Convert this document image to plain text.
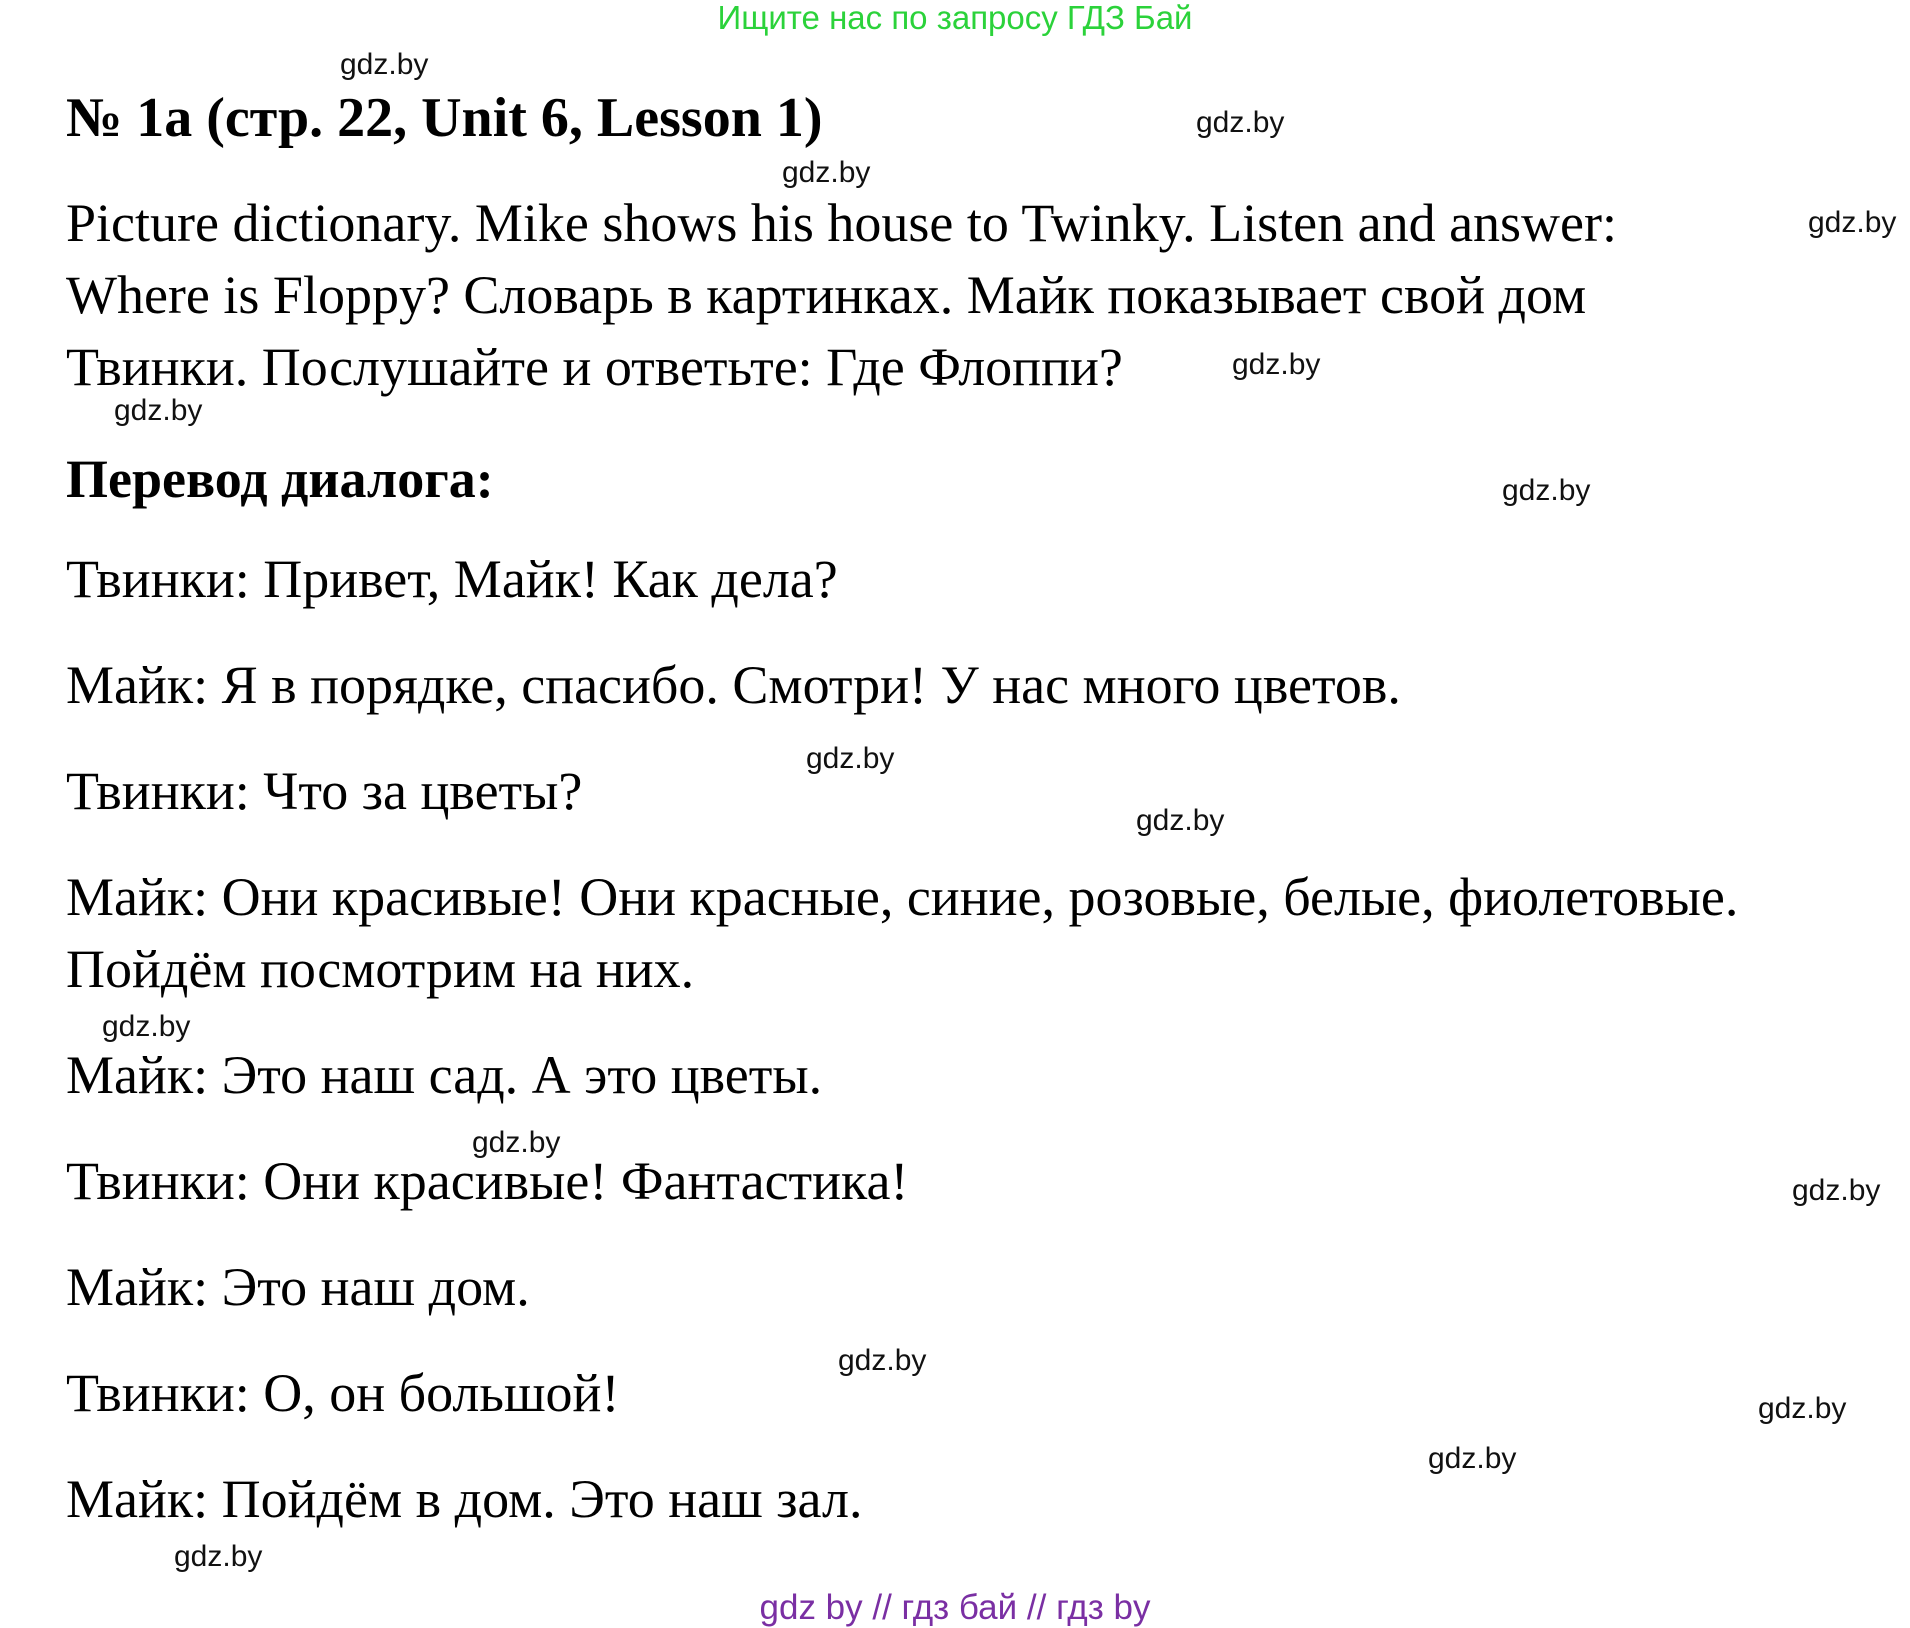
Ищите нас по запросу ГДЗ Бай
№ 1a (стр. 22, Unit 6, Lesson 1)
Picture dictionary. Mike shows his house to Twinky. Listen and answer:
Where is Floppy? Словарь в картинках. Майк показывает свой дом
Твинки. Послушайте и ответьте: Где Флоппи?
Перевод диалога:
Твинки: Привет, Майк! Как дела?
Майк: Я в порядке, спасибо. Смотри! У нас много цветов.
Твинки: Что за цветы?
Майк: Они красивые! Они красные, синие, розовые, белые, фиолетовые.
Пойдём посмотрим на них.
Майк: Это наш сад. А это цветы.
Твинки: Они красивые! Фантастика!
Майк: Это наш дом.
Твинки: О, он большой!
Майк: Пойдём в дом. Это наш зал.
gdz.by
gdz.by
gdz.by
gdz.by
gdz.by
gdz.by
gdz.by
gdz.by
gdz.by
gdz.by
gdz.by
gdz.by
gdz.by
gdz.by
gdz.by
gdz.by
gdz by // гдз бай // гдз by
